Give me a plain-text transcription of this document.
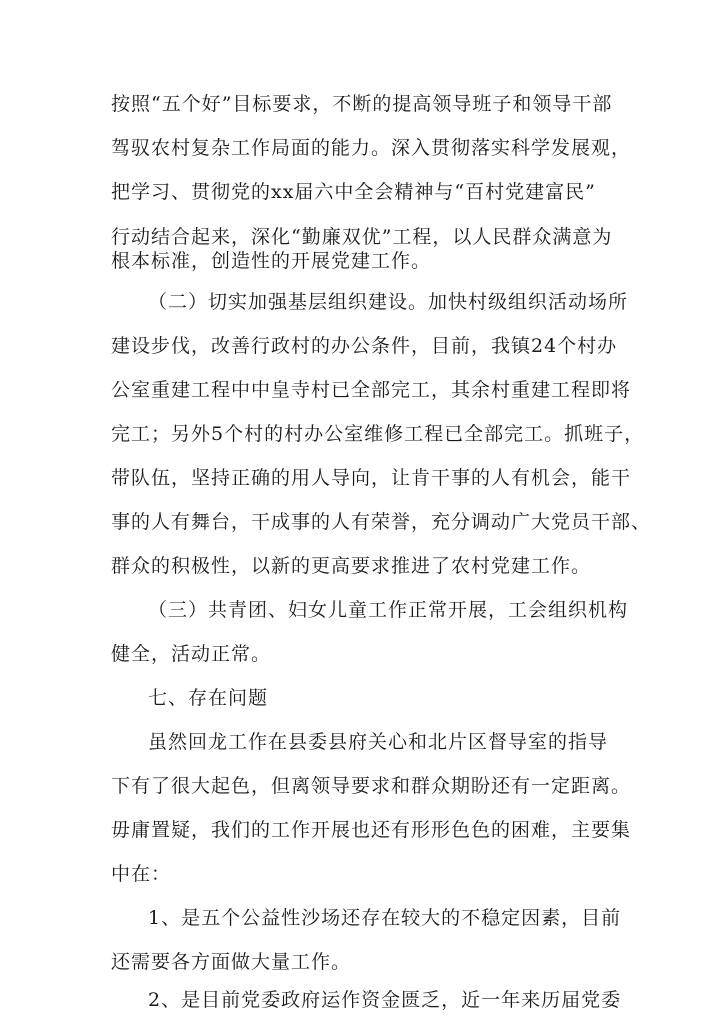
按照“五个好”目标要求，不断的提高领导班子和领导干部
驾驭农村复杂工作局面的能力。深入贯彻落实科学发展观，
把学习、贯彻党的xx届六中全会精神与“百村党建富民”
行动结合起来，深化“勤廉双优”工程，以人民群众满意为
根本标准，创造性的开展党建工作。
（二）切实加强基层组织建设。加快村级组织活动场所
建设步伐，改善行政村的办公条件，目前，我镇24个村办
公室重建工程中中皇寺村已全部完工，其余村重建工程即将
完工；另外5个村的村办公室维修工程已全部完工。抓班子，
带队伍，坚持正确的用人导向，让肯干事的人有机会，能干
事的人有舞台，干成事的人有荣誉，充分调动广大党员干部、
群众的积极性，以新的更高要求推进了农村党建工作。
（三）共青团、妇女儿童工作正常开展，工会组织机构
健全，活动正常。
七、存在问题
虽然回龙工作在县委县府关心和北片区督导室的指导
下有了很大起色，但离领导要求和群众期盼还有一定距离。
毋庸置疑，我们的工作开展也还有形形色色的困难，主要集
中在：
1、是五个公益性沙场还存在较大的不稳定因素，目前
还需要各方面做大量工作。
2、是目前党委政府运作资金匮乏，近一年来历届党委
